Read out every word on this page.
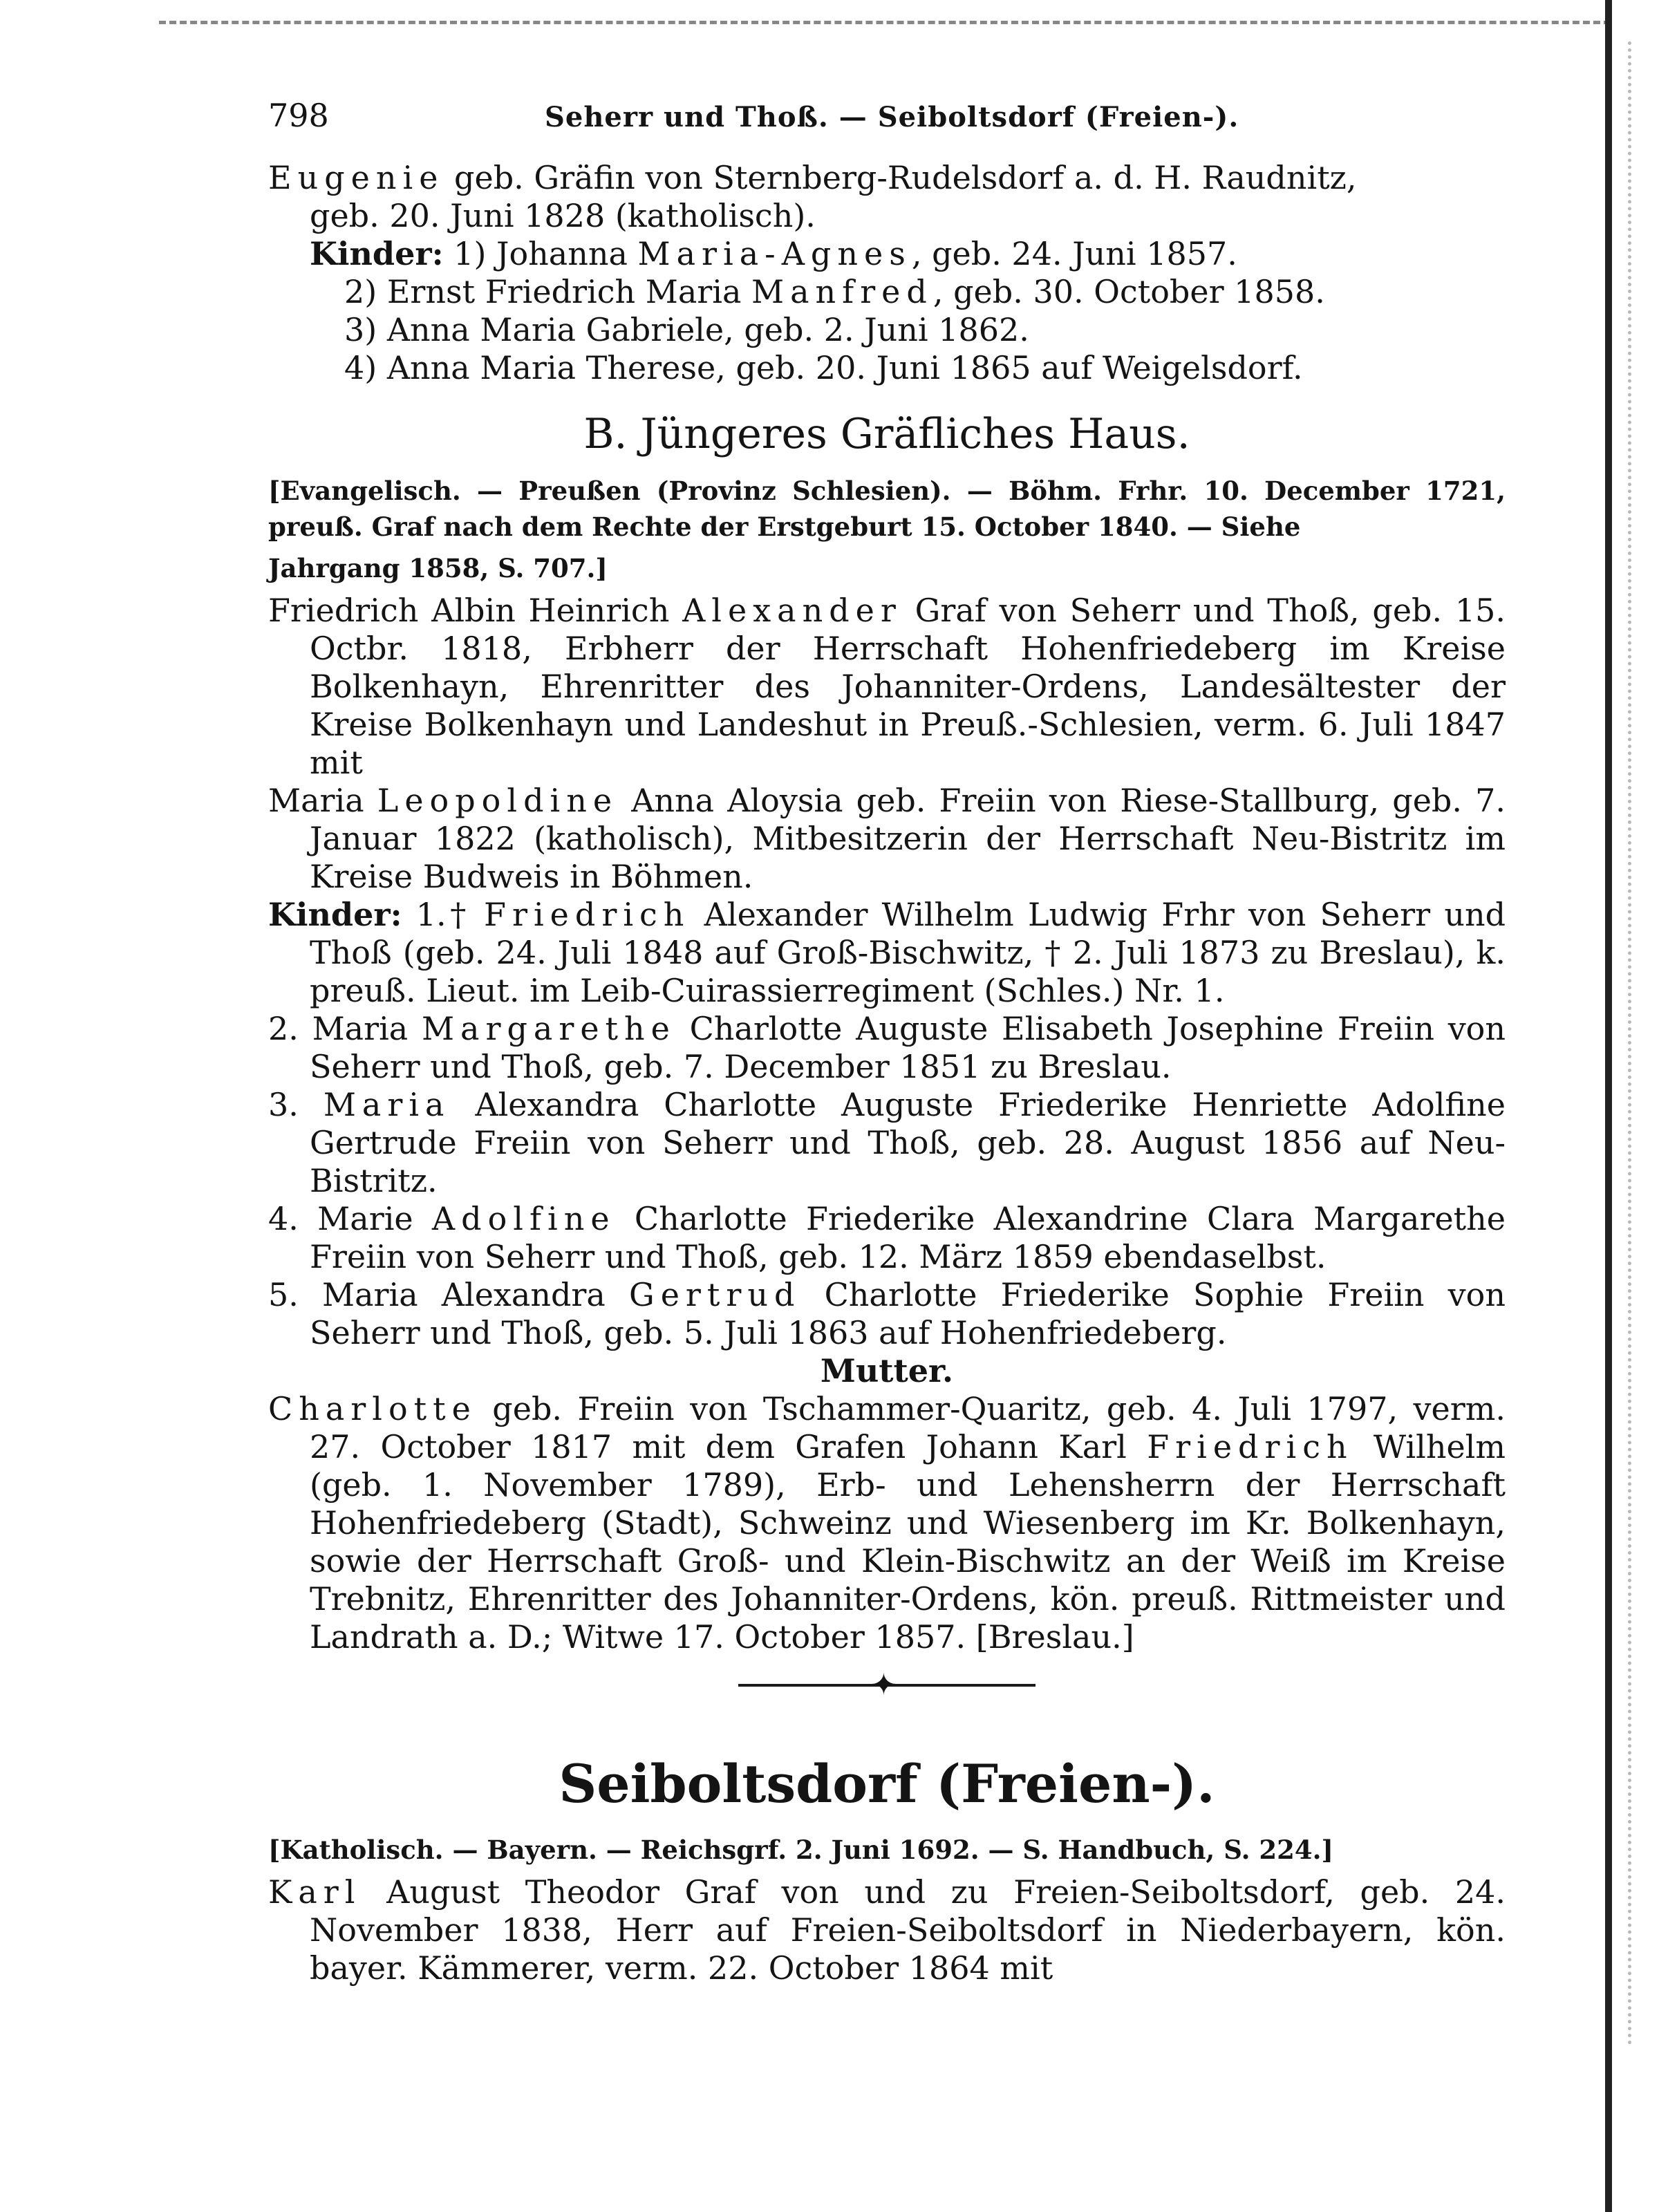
798	Seherr und Thoß. — Seiboltsdorf (Freien-).
Eugenie geb. Gräfin von Sternberg-Rudelsdorf a. d. H. Raudnitz,
geb. 20. Juni 1828 (katholisch).
Kinder: 1) Johanna Maria-Agnes, geb. 24. Juni 1857.
2) Ernst Friedrich Maria Manfred, geb. 30. October 1858.
3) Anna Maria Gabriele, geb. 2. Juni 1862.
4) Anna Maria Therese, geb. 20. Juni 1865 auf Weigelsdorf.
B. Jüngeres Gräfliches Haus.
[Evangelisch. — Preußen (Provinz Schlesien). — Böhm. Frhr. 10. December 1721, preuß. Graf nach dem Rechte der Erstgeburt 15. October 1840. — Siehe
Jahrgang 1858, S. 707.]
Friedrich Albin Heinrich Alexander Graf von Seherr und Thoß, geb. 15. Octbr. 1818, Erbherr der Herrschaft Hohenfriedeberg im Kreise Bolkenhayn, Ehrenritter des Johanniter-Ordens, Landesältester der Kreise Bolkenhayn und Landeshut in Preuß.-Schlesien, verm. 6. Juli 1847 mit
Maria Leopoldine Anna Aloysia geb. Freiin von Riese-Stallburg, geb. 7. Januar 1822 (katholisch), Mitbesitzerin der Herrschaft Neu-Bistritz im Kreise Budweis in Böhmen.
Kinder: 1.† Friedrich Alexander Wilhelm Ludwig Frhr von Seherr und Thoß (geb. 24. Juli 1848 auf Groß-Bischwitz, † 2. Juli 1873 zu Breslau), k. preuß. Lieut. im Leib-Cuirassierregiment (Schles.) Nr. 1.
2. Maria Margarethe Charlotte Auguste Elisabeth Josephine Freiin von Seherr und Thoß, geb. 7. December 1851 zu Breslau.
3. Maria Alexandra Charlotte Auguste Friederike Henriette Adolfine Gertrude Freiin von Seherr und Thoß, geb. 28. August 1856 auf Neu-Bistritz.
4. Marie Adolfine Charlotte Friederike Alexandrine Clara Margarethe Freiin von Seherr und Thoß, geb. 12. März 1859 ebendaselbst.
5. Maria Alexandra Gertrud Charlotte Friederike Sophie Freiin von Seherr und Thoß, geb. 5. Juli 1863 auf Hohenfriedeberg.
Mutter.
Charlotte geb. Freiin von Tschammer-Quaritz, geb. 4. Juli 1797, verm. 27. October 1817 mit dem Grafen Johann Karl Friedrich Wilhelm (geb. 1. November 1789), Erb- und Lehensherrn der Herrschaft Hohenfriedeberg (Stadt), Schweinz und Wiesenberg im Kr. Bolkenhayn, sowie der Herrschaft Groß- und Klein-Bischwitz an der Weiß im Kreise Trebnitz, Ehrenritter des Johanniter-Ordens, kön. preuß. Rittmeister und Landrath a. D.; Witwe 17. October 1857. [Breslau.]
✦
Seiboltsdorf (Freien-).
[Katholisch. — Bayern. — Reichsgrf. 2. Juni 1692. — S. Handbuch, S. 224.]
Karl August Theodor Graf von und zu Freien-Seiboltsdorf, geb. 24. November 1838, Herr auf Freien-Seiboltsdorf in Niederbayern, kön. bayer. Kämmerer, verm. 22. October 1864 mit
